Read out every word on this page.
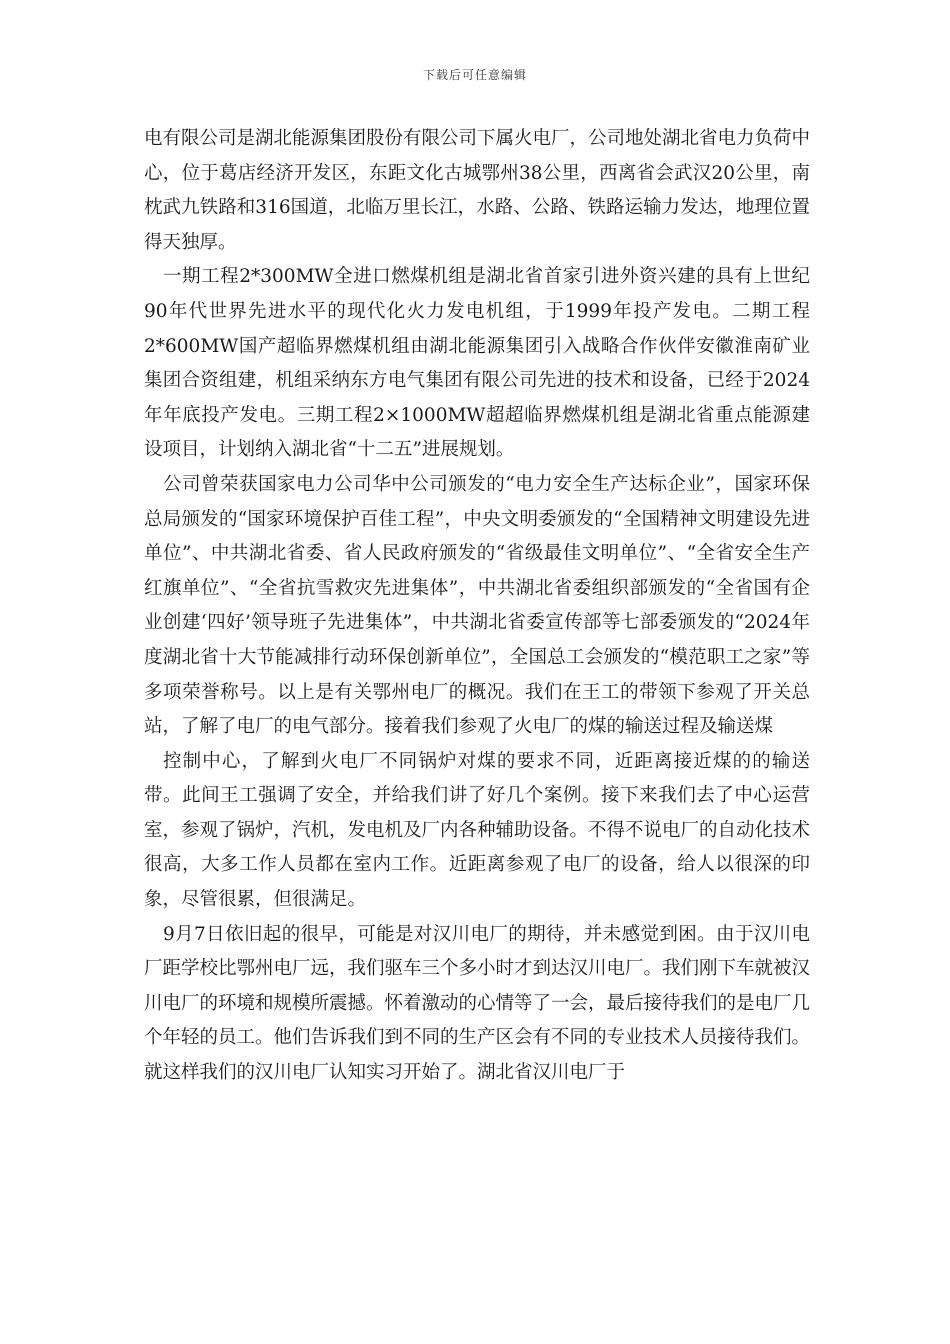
下载后可任意编辑

电有限公司是湖北能源集团股份有限公司下属火电厂，公司地处湖北省电力负荷中心，位于葛店经济开发区，东距文化古城鄂州38公里，西离省会武汉20公里，南枕武九铁路和316国道，北临万里长江，水路、公路、铁路运输力发达，地理位置得天独厚。

一期工程2*300MW全进口燃煤机组是湖北省首家引进外资兴建的具有上世纪90年代世界先进水平的现代化火力发电机组，于1999年投产发电。二期工程2*600MW国产超临界燃煤机组由湖北能源集团引入战略合作伙伴安徽淮南矿业集团合资组建，机组采纳东方电气集团有限公司先进的技术和设备，已经于2024年年底投产发电。三期工程2×1000MW超超临界燃煤机组是湖北省重点能源建设项目，计划纳入湖北省“十二五”进展规划。

公司曾荣获国家电力公司华中公司颁发的“电力安全生产达标企业”，国家环保总局颁发的“国家环境保护百佳工程”，中央文明委颁发的“全国精神文明建设先进单位”、中共湖北省委、省人民政府颁发的“省级最佳文明单位”、“全省安全生产红旗单位”、“全省抗雪救灾先进集体”，中共湖北省委组织部颁发的“全省国有企业创建‘四好’领导班子先进集体”，中共湖北省委宣传部等七部委颁发的“2024年度湖北省十大节能减排行动环保创新单位”，全国总工会颁发的“模范职工之家”等多项荣誉称号。以上是有关鄂州电厂的概况。我们在王工的带领下参观了开关总站，了解了电厂的电气部分。接着我们参观了火电厂的煤的输送过程及输送煤

控制中心，了解到火电厂不同锅炉对煤的要求不同，近距离接近煤的的输送带。此间王工强调了安全，并给我们讲了好几个案例。接下来我们去了中心运营室，参观了锅炉，汽机，发电机及厂内各种辅助设备。不得不说电厂的自动化技术很高，大多工作人员都在室内工作。近距离参观了电厂的设备，给人以很深的印象，尽管很累，但很满足。

9月7日依旧起的很早，可能是对汉川电厂的期待，并未感觉到困。由于汉川电厂距学校比鄂州电厂远，我们驱车三个多小时才到达汉川电厂。我们刚下车就被汉川电厂的环境和规模所震撼。怀着激动的心情等了一会，最后接待我们的是电厂几个年轻的员工。他们告诉我们到不同的生产区会有不同的专业技术人员接待我们。就这样我们的汉川电厂认知实习开始了。湖北省汉川电厂于
